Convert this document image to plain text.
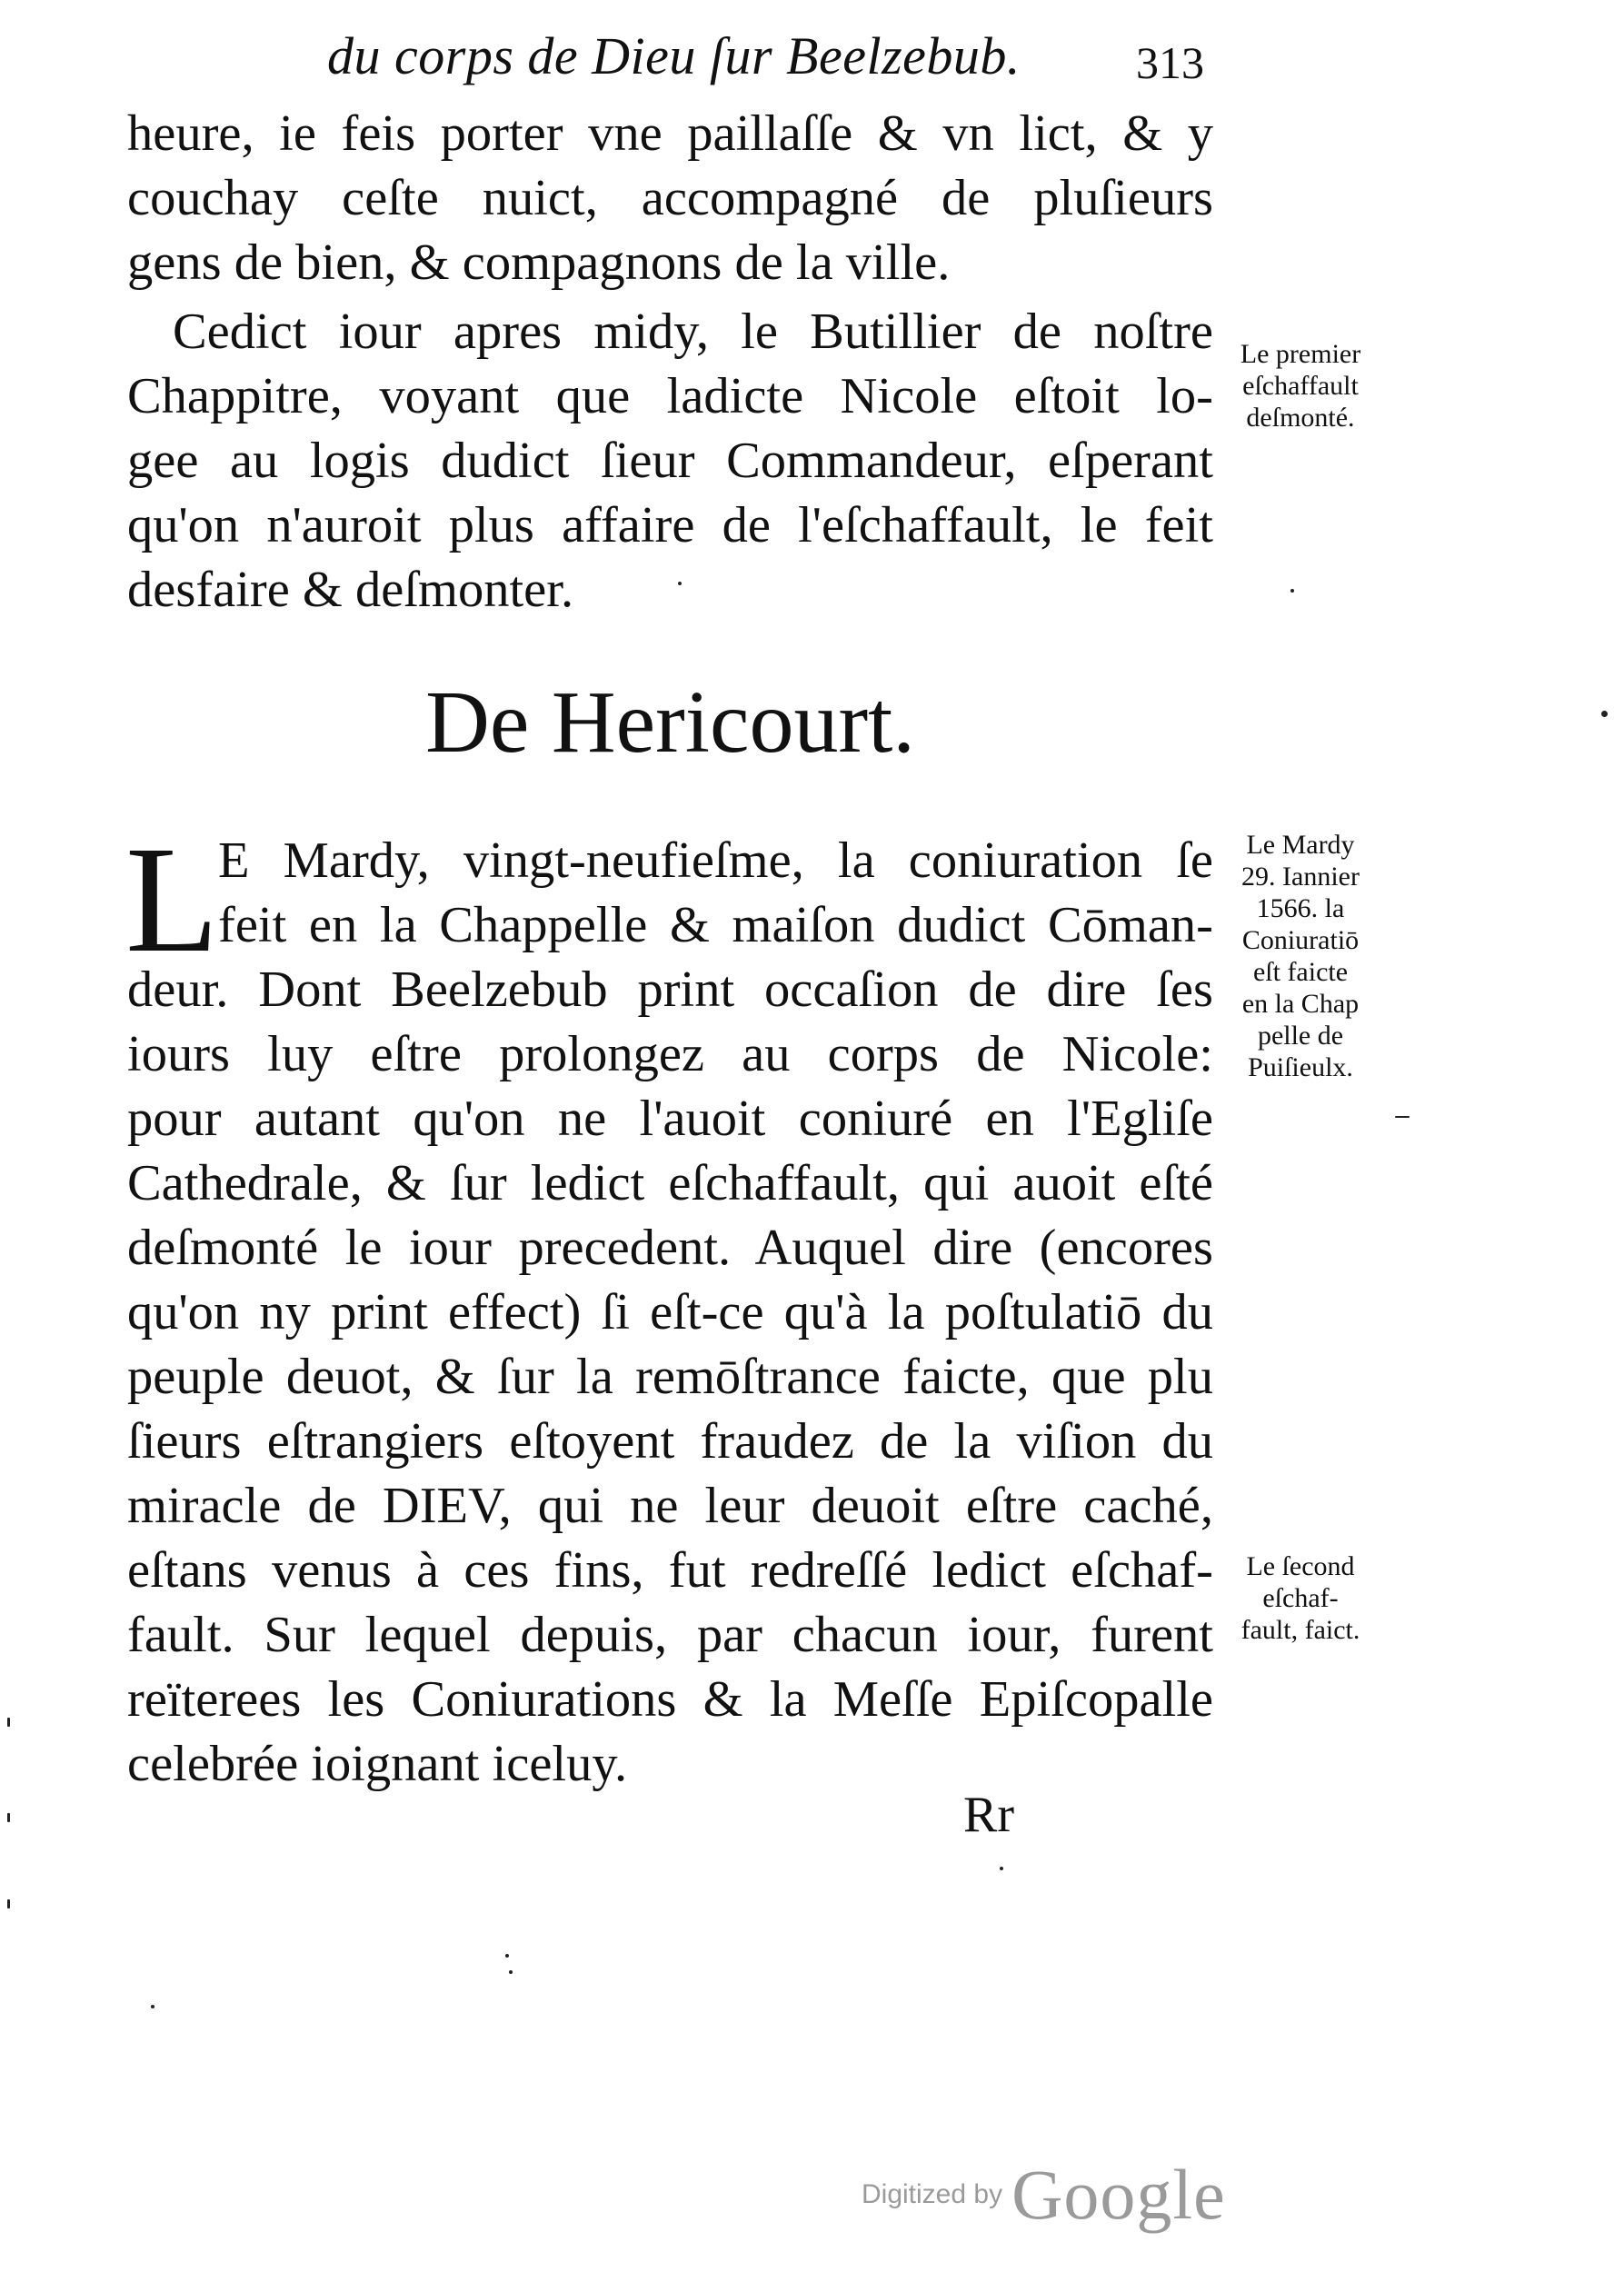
du corps de Dieu ſur Beelzebub.	313
heure, ie feis porter vne paillaſſe & vn lict, & y
couchay ceſte nuict, accompagné de pluſieurs
gens de bien, & compagnons de la ville.
Cedict iour apres midy, le Butillier de noſtre
Chappitre, voyant que ladicte Nicole eſtoit lo-
gee au logis dudict ſieur Commandeur, eſperant
qu'on n'auroit plus affaire de l'eſchaffault, le feit
desfaire & deſmonter.
Le premier
eſchaffault
deſmonté.
De Hericourt.
L E Mardy, vingt-neufieſme, la coniuration ſe
feit en la Chappelle & maiſon dudict Cōman-
deur. Dont Beelzebub print occaſion de dire ſes
iours luy eſtre prolongez au corps de Nicole:
pour autant qu'on ne l'auoit coniuré en l'Egliſe
Cathedrale, & ſur ledict eſchaffault, qui auoit eſté
deſmonté le iour precedent. Auquel dire (encores
qu'on ny print effect) ſi eſt-ce qu'à la poſtulatiō du
peuple deuot, & ſur la remōſtrance faicte, que plu
ſieurs eſtrangiers eſtoyent fraudez de la viſion du
miracle de DIEV, qui ne leur deuoit eſtre caché,
eſtans venus à ces fins, fut redreſſé ledict eſchaf-
fault. Sur lequel depuis, par chacun iour, furent
reïterees les Coniurations & la Meſſe Epiſcopalle
celebrée ioignant iceluy.
Le Mardy
29. Iannier
1566. la
Coniuratiō
eſt faicte
en la Chap
pelle de
Puiſieulx.
Le ſecond
eſchaf-
fault, faict.
Rr
Digitized by Google
